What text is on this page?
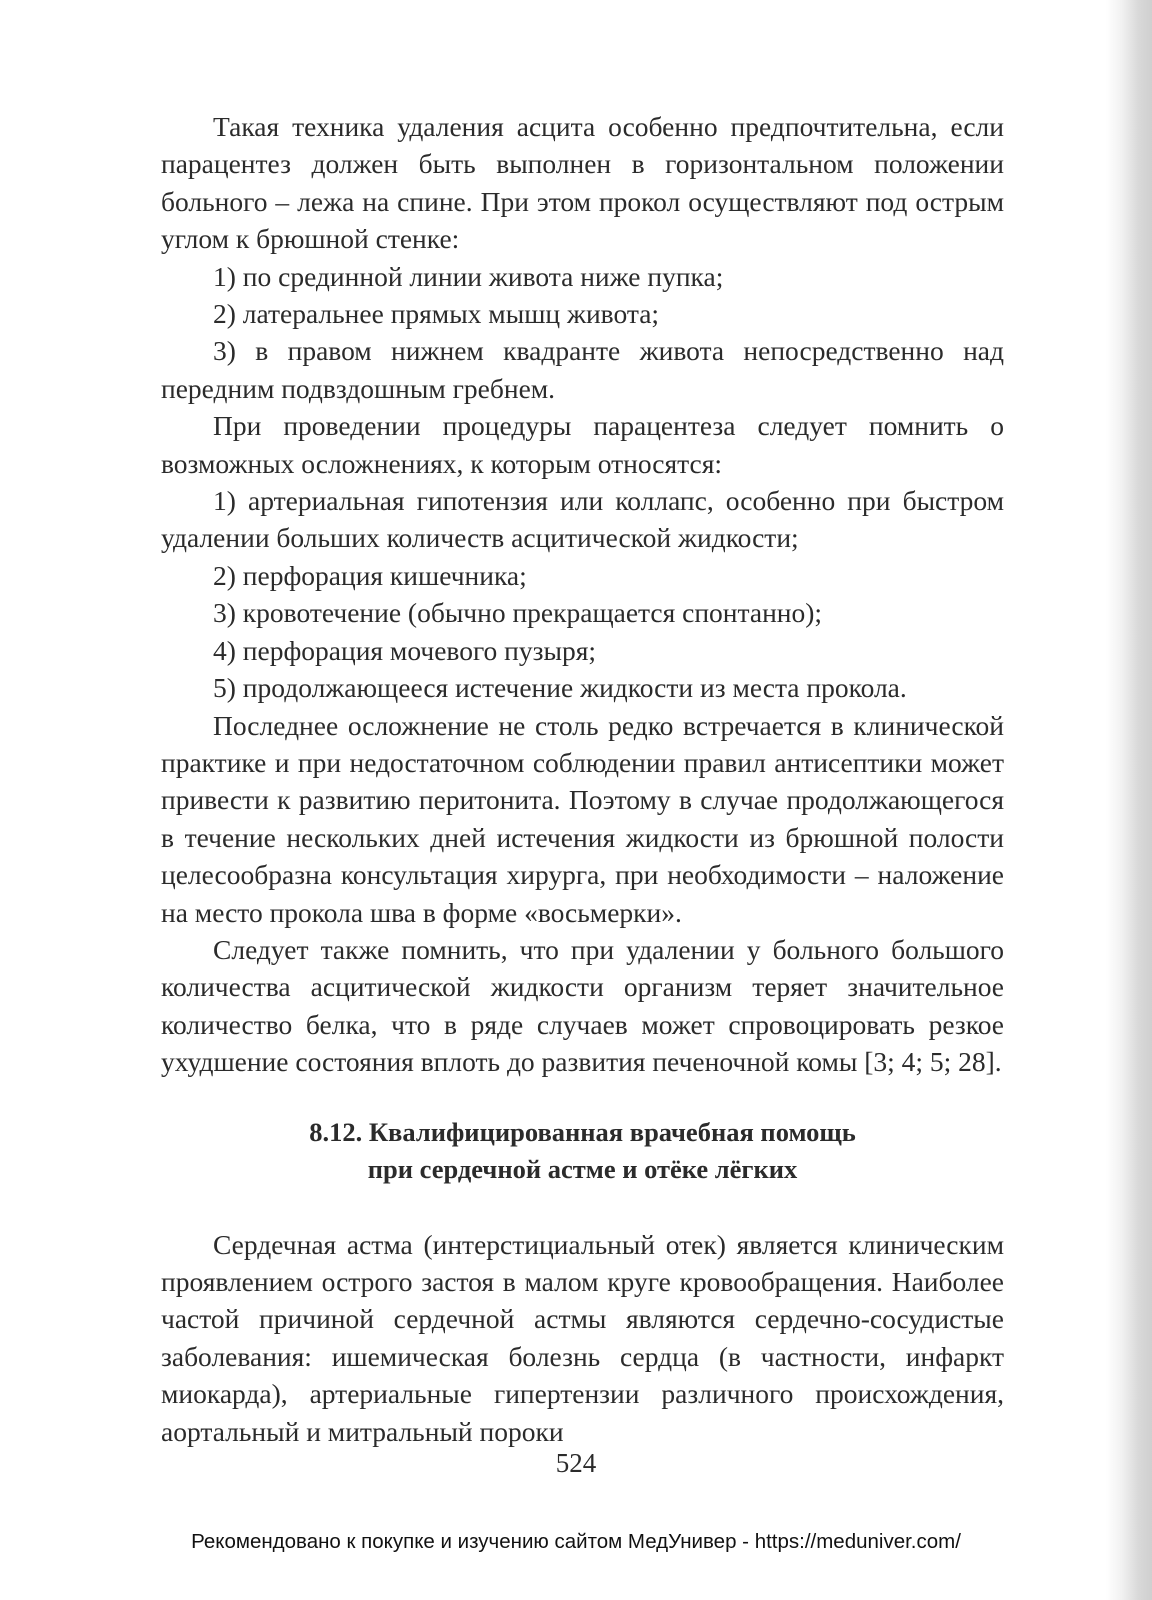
Такая техника удаления асцита особенно предпочтительна, если парацентез должен быть выполнен в горизонтальном положении больного – лежа на спине. При этом прокол осуществляют под острым углом к брюшной стенке:

1) по срединной линии живота ниже пупка;

2) латеральнее прямых мышц живота;

3) в правом нижнем квадранте живота непосредственно над передним подвздошным гребнем.

При проведении процедуры парацентеза следует помнить о возможных осложнениях, к которым относятся:

1) артериальная гипотензия или коллапс, особенно при быстром удалении больших количеств асцитической жидкости;

2) перфорация кишечника;

3) кровотечение (обычно прекращается спонтанно);

4) перфорация мочевого пузыря;

5) продолжающееся истечение жидкости из места прокола.

Последнее осложнение не столь редко встречается в клинической практике и при недостаточном соблюдении правил антисептики может привести к развитию перитонита. Поэтому в случае продолжающегося в течение нескольких дней истечения жидкости из брюшной полости целесообразна консультация хирурга, при необходимости – наложение на место прокола шва в форме «восьмерки».

Следует также помнить, что при удалении у больного большого количества асцитической жидкости организм теряет значительное количество белка, что в ряде случаев может спровоцировать резкое ухудшение состояния вплоть до развития печеночной комы [3; 4; 5; 28].

8.12. Квалифицированная врачебная помощь
при сердечной астме и отёке лёгких

Сердечная астма (интерстициальный отек) является клиническим проявлением острого застоя в малом круге кровообращения. Наиболее частой причиной сердечной астмы являются сердечно-сосудистые заболевания: ишемическая болезнь сердца (в частности, инфаркт миокарда), артериальные гипертензии различного происхождения, аортальный и митральный пороки

524
Рекомендовано к покупке и изучению сайтом МедУнивер - https://meduniver.com/
